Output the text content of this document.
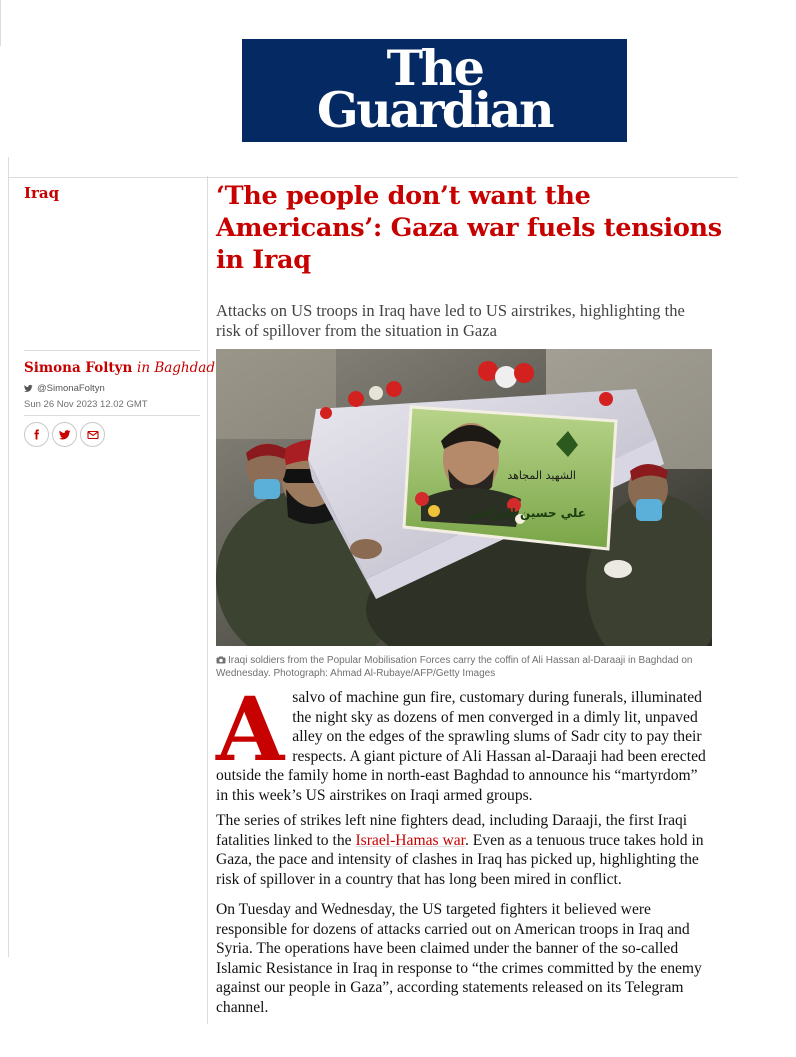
The
Guardian
Iraq	‘The people don’t want the Americans’: Gaza war fuels tensions in Iraq

Attacks on US troops in Iraq have led to US airstrikes, highlighting the risk of spillover from the situation in Gaza

Simona Foltyn in Baghdad
@SimonaFoltyn
Sun 26 Nov 2023 12.02 GMT
الشهيد المجاهد
علي حسين الدراجي

Iraqi soldiers from the Popular Mobilisation Forces carry the coffin of Ali Hassan al-Daraaji in Baghdad on Wednesday. Photograph: Ahmad Al-Rubaye/AFP/Getty Images

A salvo of machine gun fire, customary during funerals, illuminated the night sky as dozens of men converged in a dimly lit, unpaved alley on the edges of the sprawling slums of Sadr city to pay their respects. A giant picture of Ali Hassan al-Daraaji had been erected outside the family home in north-east Baghdad to announce his “martyrdom” in this week’s US airstrikes on Iraqi armed groups.

The series of strikes left nine fighters dead, including Daraaji, the first Iraqi fatalities linked to the Israel-Hamas war. Even as a tenuous truce takes hold in Gaza, the pace and intensity of clashes in Iraq has picked up, highlighting the risk of spillover in a country that has long been mired in conflict.

On Tuesday and Wednesday, the US targeted fighters it believed were responsible for dozens of attacks carried out on American troops in Iraq and Syria. The operations have been claimed under the banner of the so-called Islamic Resistance in Iraq in response to “the crimes committed by the enemy against our people in Gaza”, according statements released on its Telegram channel.
